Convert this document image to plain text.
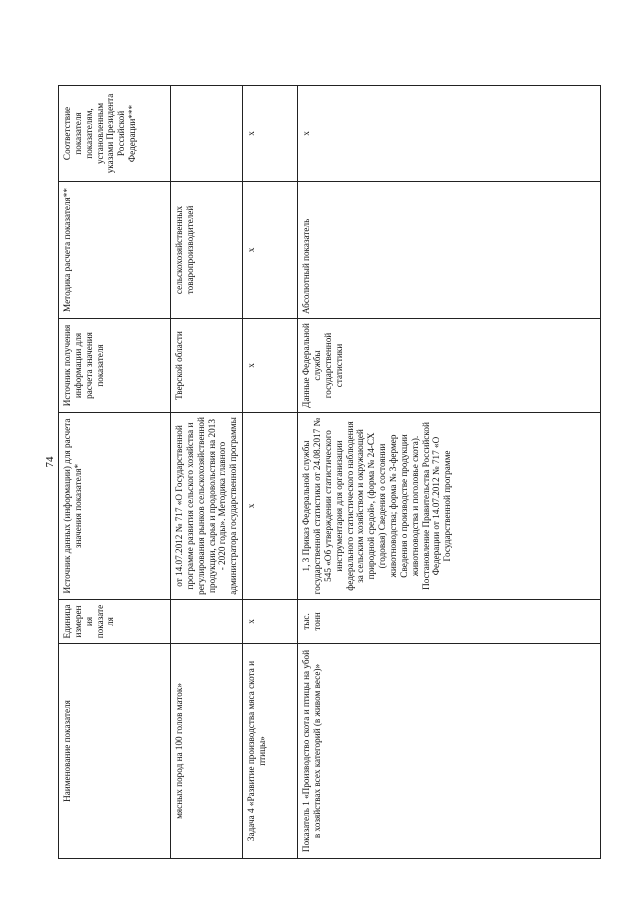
74
Наименование показателя	Единица измерения показателя	Источник данных (информации) для расчета значения показателя*	Источник получения информации для расчета значения показателя	Методика расчета показателя**	Соответствие показателя показателям, установленным указами Президента Российской Федерации***
мясных пород на 100 голов маток»		от 14.07.2012 № 717 «О Государственной программе развития сельского хозяйства и регулирования рынков сельскохозяйственной продукции, сырья и продовольствия на 2013 - 2020 годы». Методика главного администратора государственной программы	Тверской области	сельскохозяйственных товаропроизводителей	
Задача 4 «Развитие производства мяса скота и птицы»	х	х	х	х	х
Показатель 1 «Производство скота и птицы на убой в хозяйствах всех категорий (в живом весе)»	тыс. тонн	1, 3 Приказ Федеральной службы государственной статистики от 24.08.2017 № 545 «Об утверждении статистического инструментария для организации федерального статистического наблюдения за сельским хозяйством и окружающей природной средой», (форма № 24-СХ (годовая) Сведения о состоянии животноводства; форма № 3-фермер Сведения о производстве продукции животноводства и поголовье скота). Постановление Правительства Российской Федерации от 14.07.2012 № 717 «О Государственной программе	Данные Федеральной службы государственной статистики	Абсолютный показатель	х
